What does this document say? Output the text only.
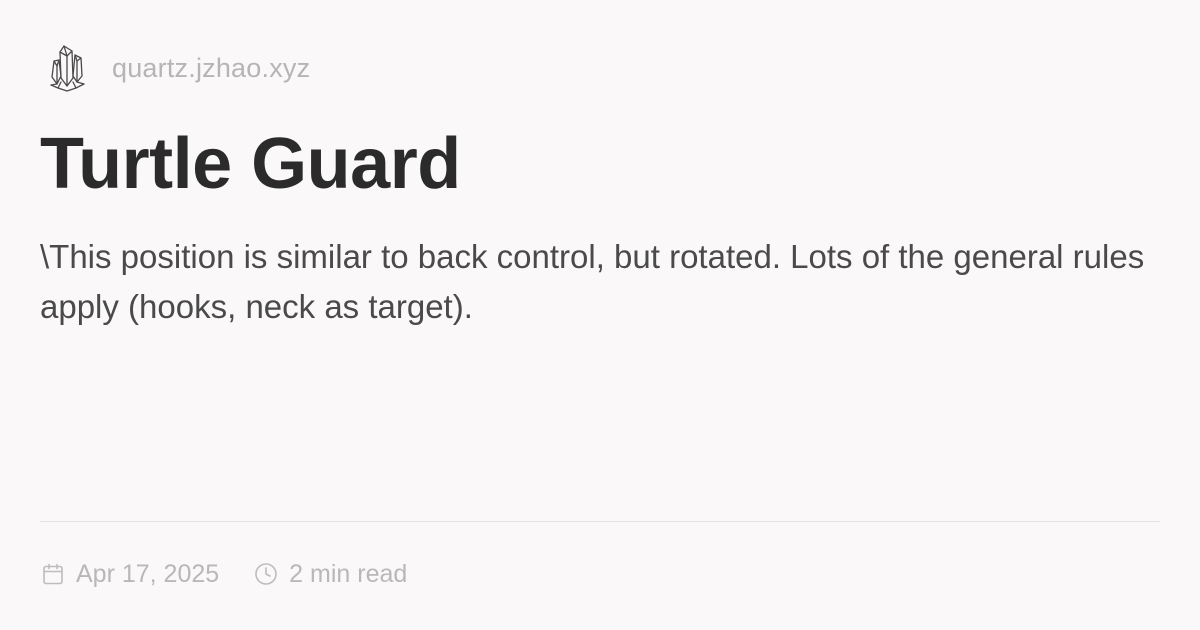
quartz.jzhao.xyz
Turtle Guard

\This position is similar to back control, but rotated. Lots of the general rules apply (hooks, neck as target).

Apr 17, 2025	2 min read
